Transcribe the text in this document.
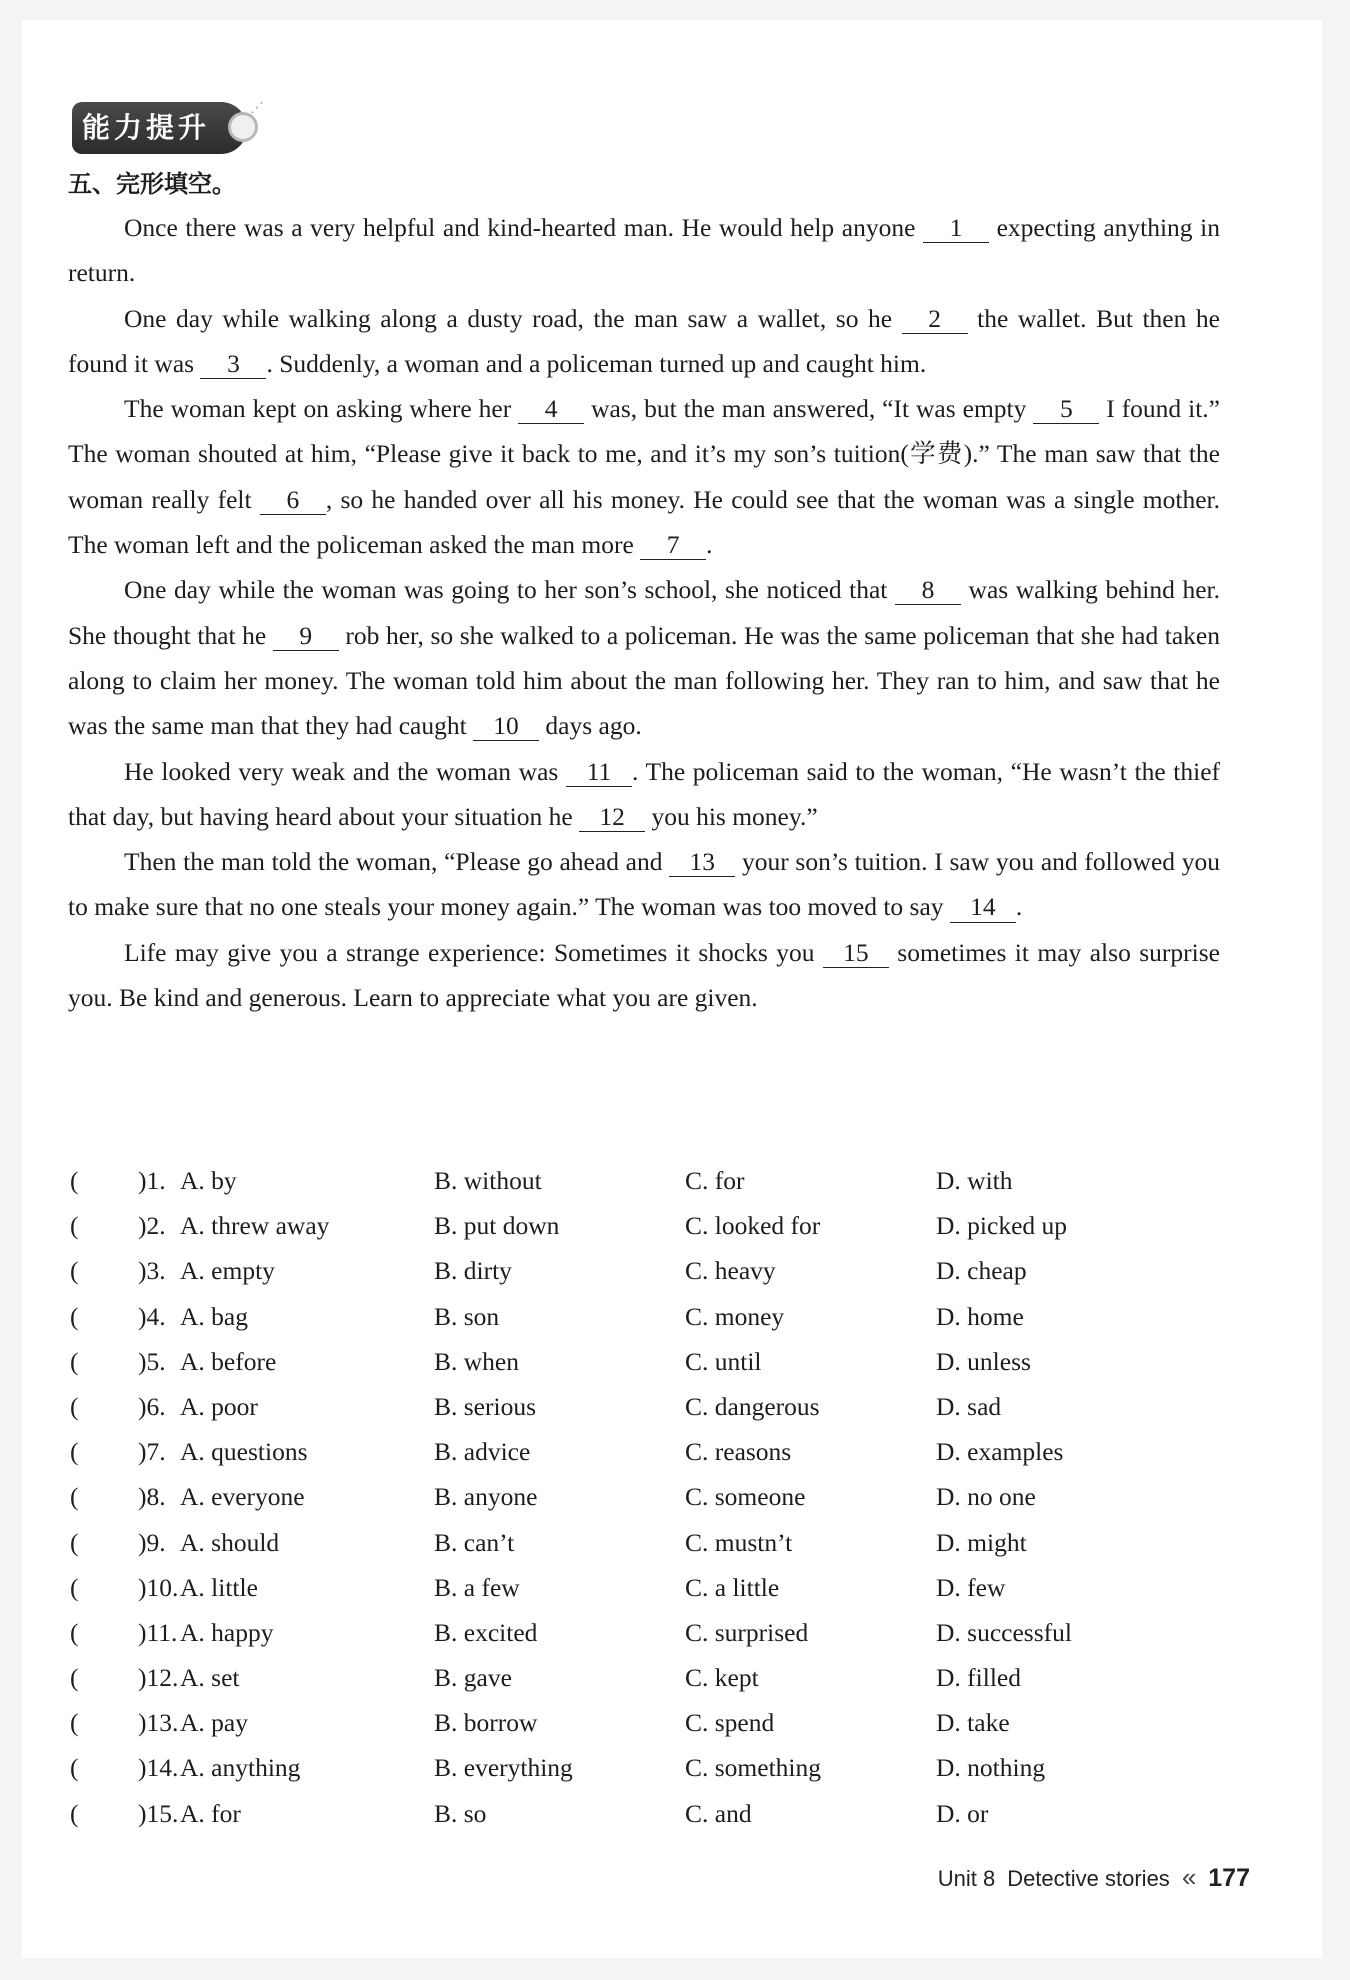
能力提升
⋰
五、完形填空。

Once there was a very helpful and kind-hearted man. He would help anyone 1 expecting anything in return.

One day while walking along a dusty road, the man saw a wallet, so he 2 the wallet. But then he found it was 3 . Suddenly, a woman and a policeman turned up and caught him.

The woman kept on asking where her 4 was, but the man answered, “It was empty 5 I found it.” The woman shouted at him, “Please give it back to me, and it’s my son’s tuition(学费).” The man saw that the woman really felt 6 , so he handed over all his money. He could see that the woman was a single mother. The woman left and the policeman asked the man more 7 .

One day while the woman was going to her son’s school, she noticed that 8 was walking behind her. She thought that he 9 rob her, so she walked to a policeman. He was the same policeman that she had taken along to claim her money. The woman told him about the man following her. They ran to him, and saw that he was the same man that they had caught 10 days ago.

He looked very weak and the woman was 11 . The policeman said to the woman, “He wasn’t the thief that day, but having heard about your situation he 12 you his money.”

Then the man told the woman, “Please go ahead and 13 your son’s tuition. I saw you and followed you to make sure that no one steals your money again.” The woman was too moved to say 14 .

Life may give you a strange experience: Sometimes it shocks you 15 sometimes it may also surprise you. Be kind and generous. Learn to appreciate what you are given.

( )1. A. by	B. without	C. for	D. with
( )2. A. threw away	B. put down	C. looked for	D. picked up
( )3. A. empty	B. dirty	C. heavy	D. cheap
( )4. A. bag	B. son	C. money	D. home
( )5. A. before	B. when	C. until	D. unless
( )6. A. poor	B. serious	C. dangerous	D. sad
( )7. A. questions	B. advice	C. reasons	D. examples
( )8. A. everyone	B. anyone	C. someone	D. no one
( )9. A. should	B. can’t	C. mustn’t	D. might
( )10. A. little	B. a few	C. a little	D. few
( )11. A. happy	B. excited	C. surprised	D. successful
( )12. A. set	B. gave	C. kept	D. filled
( )13. A. pay	B. borrow	C. spend	D. take
( )14. A. anything	B. everything	C. something	D. nothing
( )15. A. for	B. so	C. and	D. or
Unit 8 Detective stories « 177
